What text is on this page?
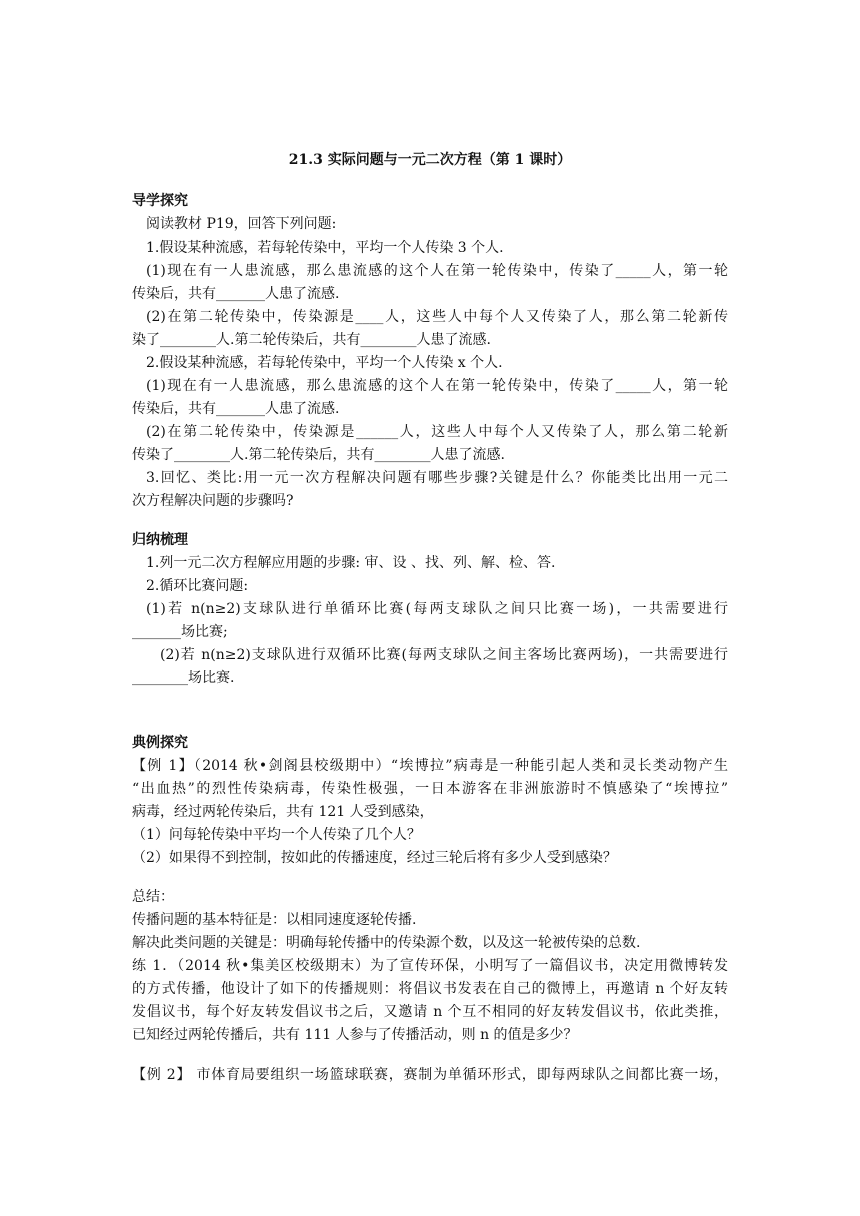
21.3 实际问题与一元二次方程（第 1 课时）
导学探究
阅读教材 P19，回答下列问题:
1.假设某种流感，若每轮传染中，平均一个人传染 3 个人.
(1)现在有一人患流感，那么患流感的这个人在第一轮传染中，传染了_____人，第一轮
传染后，共有_______人患了流感.
(2)在第二轮传染中，传染源是____人，这些人中每个人又传染了人，那么第二轮新传
染了________人.第二轮传染后，共有________人患了流感.
2.假设某种流感，若每轮传染中，平均一个人传染 x 个人.
(1)现在有一人患流感，那么患流感的这个人在第一轮传染中，传染了_____人，第一轮
传染后，共有_______人患了流感.
(2)在第二轮传染中，传染源是______人，这些人中每个人又传染了人，那么第二轮新
传染了________人.第二轮传染后，共有________人患了流感.
3.回忆、类比:用一元一次方程解决问题有哪些步骤?关键是什么？你能类比出用一元二
次方程解决问题的步骤吗?
归纳梳理
1.列一元二次方程解应用题的步骤: 审、设 、找、列、解、检、答.
2.循环比赛问题:
(1)若 n(n≥2)支球队进行单循环比赛(每两支球队之间只比赛一场)，一共需要进行
_______场比赛;
(2)若 n(n≥2)支球队进行双循环比赛(每两支球队之间主客场比赛两场)，一共需要进行
________场比赛.
典例探究
【例 1】（2014 秋•剑阁县校级期中）“埃博拉”病毒是一种能引起人类和灵长类动物产生
“出血热”的烈性传染病毒，传染性极强，一日本游客在非洲旅游时不慎感染了“埃博拉”
病毒，经过两轮传染后，共有 121 人受到感染，
（1）问每轮传染中平均一个人传染了几个人？
（2）如果得不到控制，按如此的传播速度，经过三轮后将有多少人受到感染？
总结：
传播问题的基本特征是：以相同速度逐轮传播.
解决此类问题的关键是：明确每轮传播中的传染源个数，以及这一轮被传染的总数.
练 1．（2014 秋•集美区校级期末）为了宣传环保，小明写了一篇倡议书，决定用微博转发
的方式传播，他设计了如下的传播规则：将倡议书发表在自己的微博上，再邀请 n 个好友转
发倡议书，每个好友转发倡议书之后，又邀请 n 个互不相同的好友转发倡议书，依此类推，
已知经过两轮传播后，共有 111 人参与了传播活动，则 n 的值是多少？
【例 2】 市体育局要组织一场篮球联赛，赛制为单循环形式，即每两球队之间都比赛一场，
